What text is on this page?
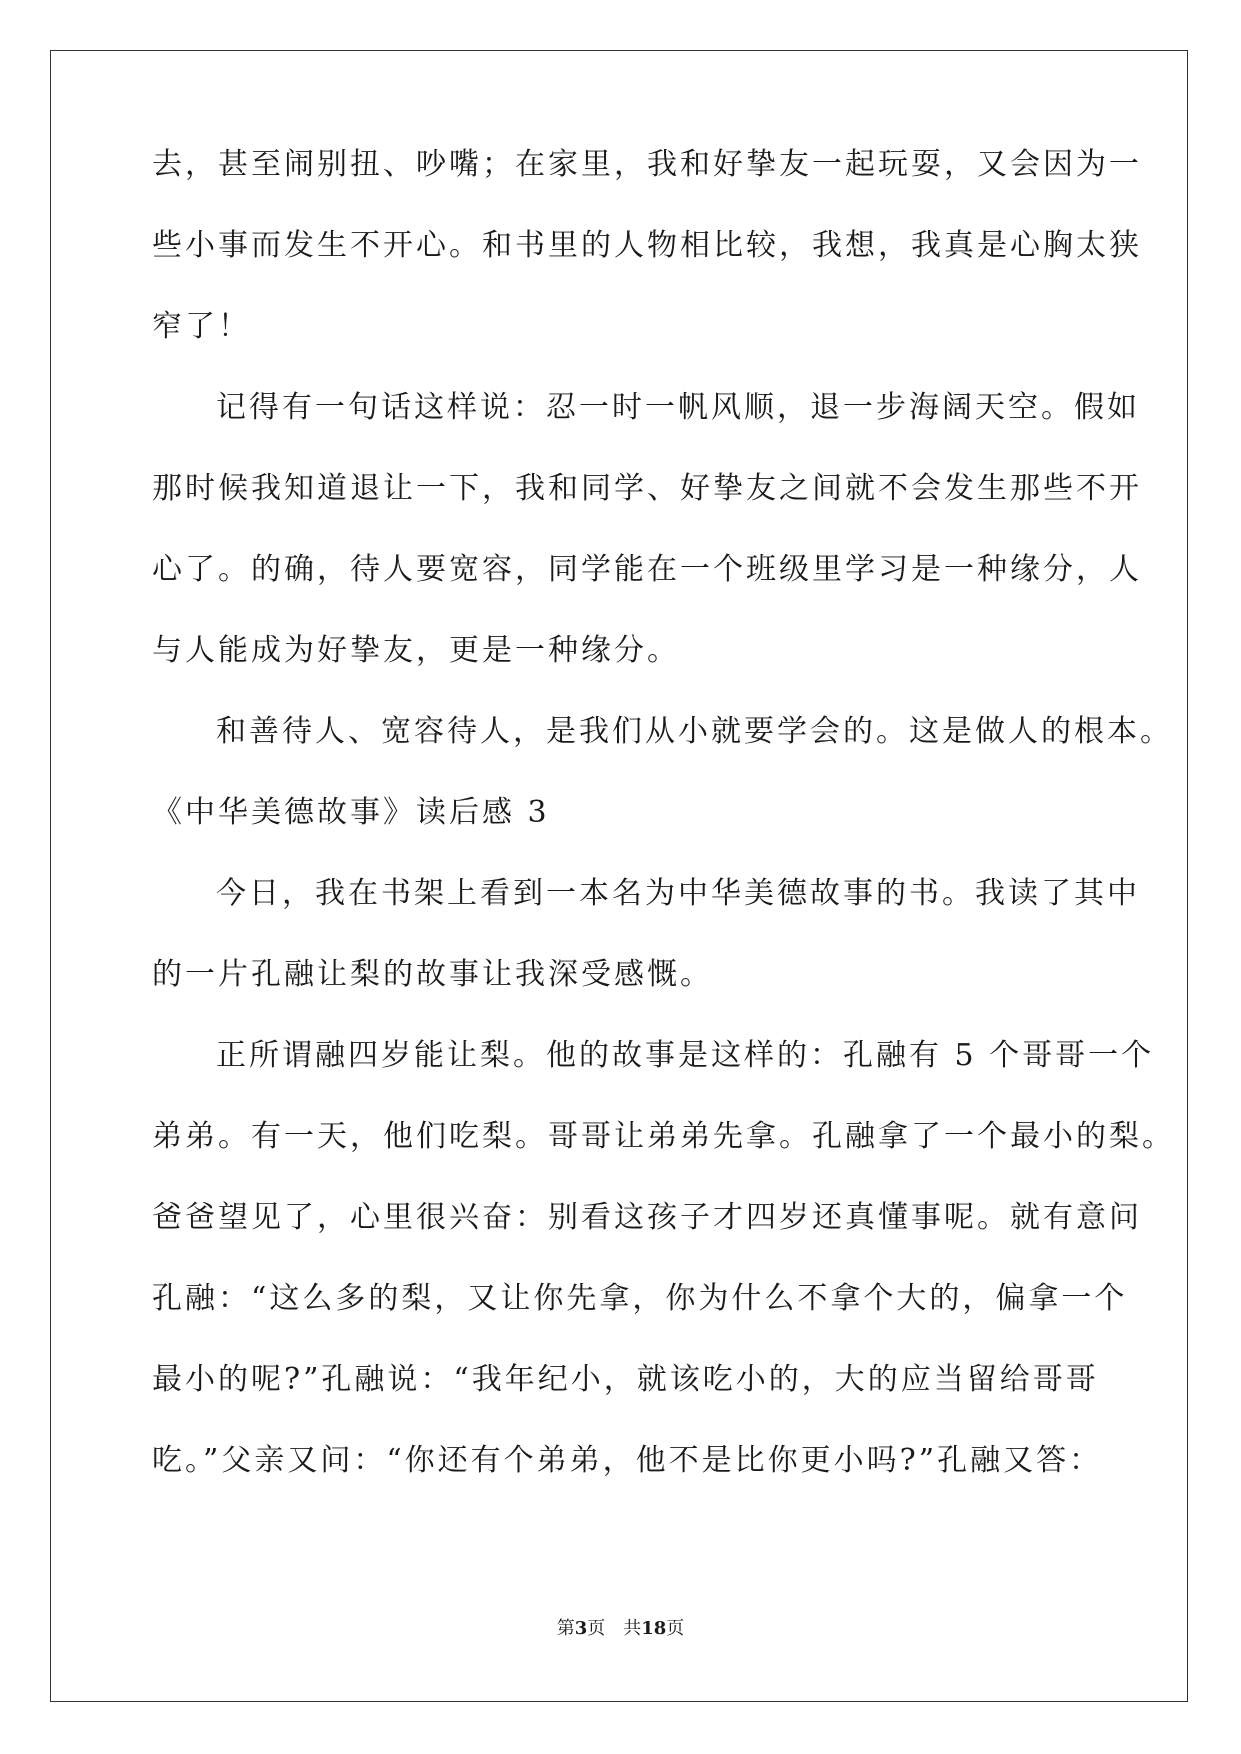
去，甚至闹别扭、吵嘴；在家里，我和好挚友一起玩耍，又会因为一
些小事而发生不开心。和书里的人物相比较，我想，我真是心胸太狭
窄了！
记得有一句话这样说：忍一时一帆风顺，退一步海阔天空。假如
那时候我知道退让一下，我和同学、好挚友之间就不会发生那些不开
心了。的确，待人要宽容，同学能在一个班级里学习是一种缘分，人
与人能成为好挚友，更是一种缘分。
和善待人、宽容待人，是我们从小就要学会的。这是做人的根本。
《中华美德故事》读后感 3
今日，我在书架上看到一本名为中华美德故事的书。我读了其中
的一片孔融让梨的故事让我深受感慨。
正所谓融四岁能让梨。他的故事是这样的：孔融有 5 个哥哥一个
弟弟。有一天，他们吃梨。哥哥让弟弟先拿。孔融拿了一个最小的梨。
爸爸望见了，心里很兴奋：别看这孩子才四岁还真懂事呢。就有意问
孔融：“这么多的梨，又让你先拿，你为什么不拿个大的，偏拿一个
最小的呢?”孔融说：“我年纪小，就该吃小的，大的应当留给哥哥
吃。”父亲又问：“你还有个弟弟，他不是比你更小吗?”孔融又答：
第3页 共18页
